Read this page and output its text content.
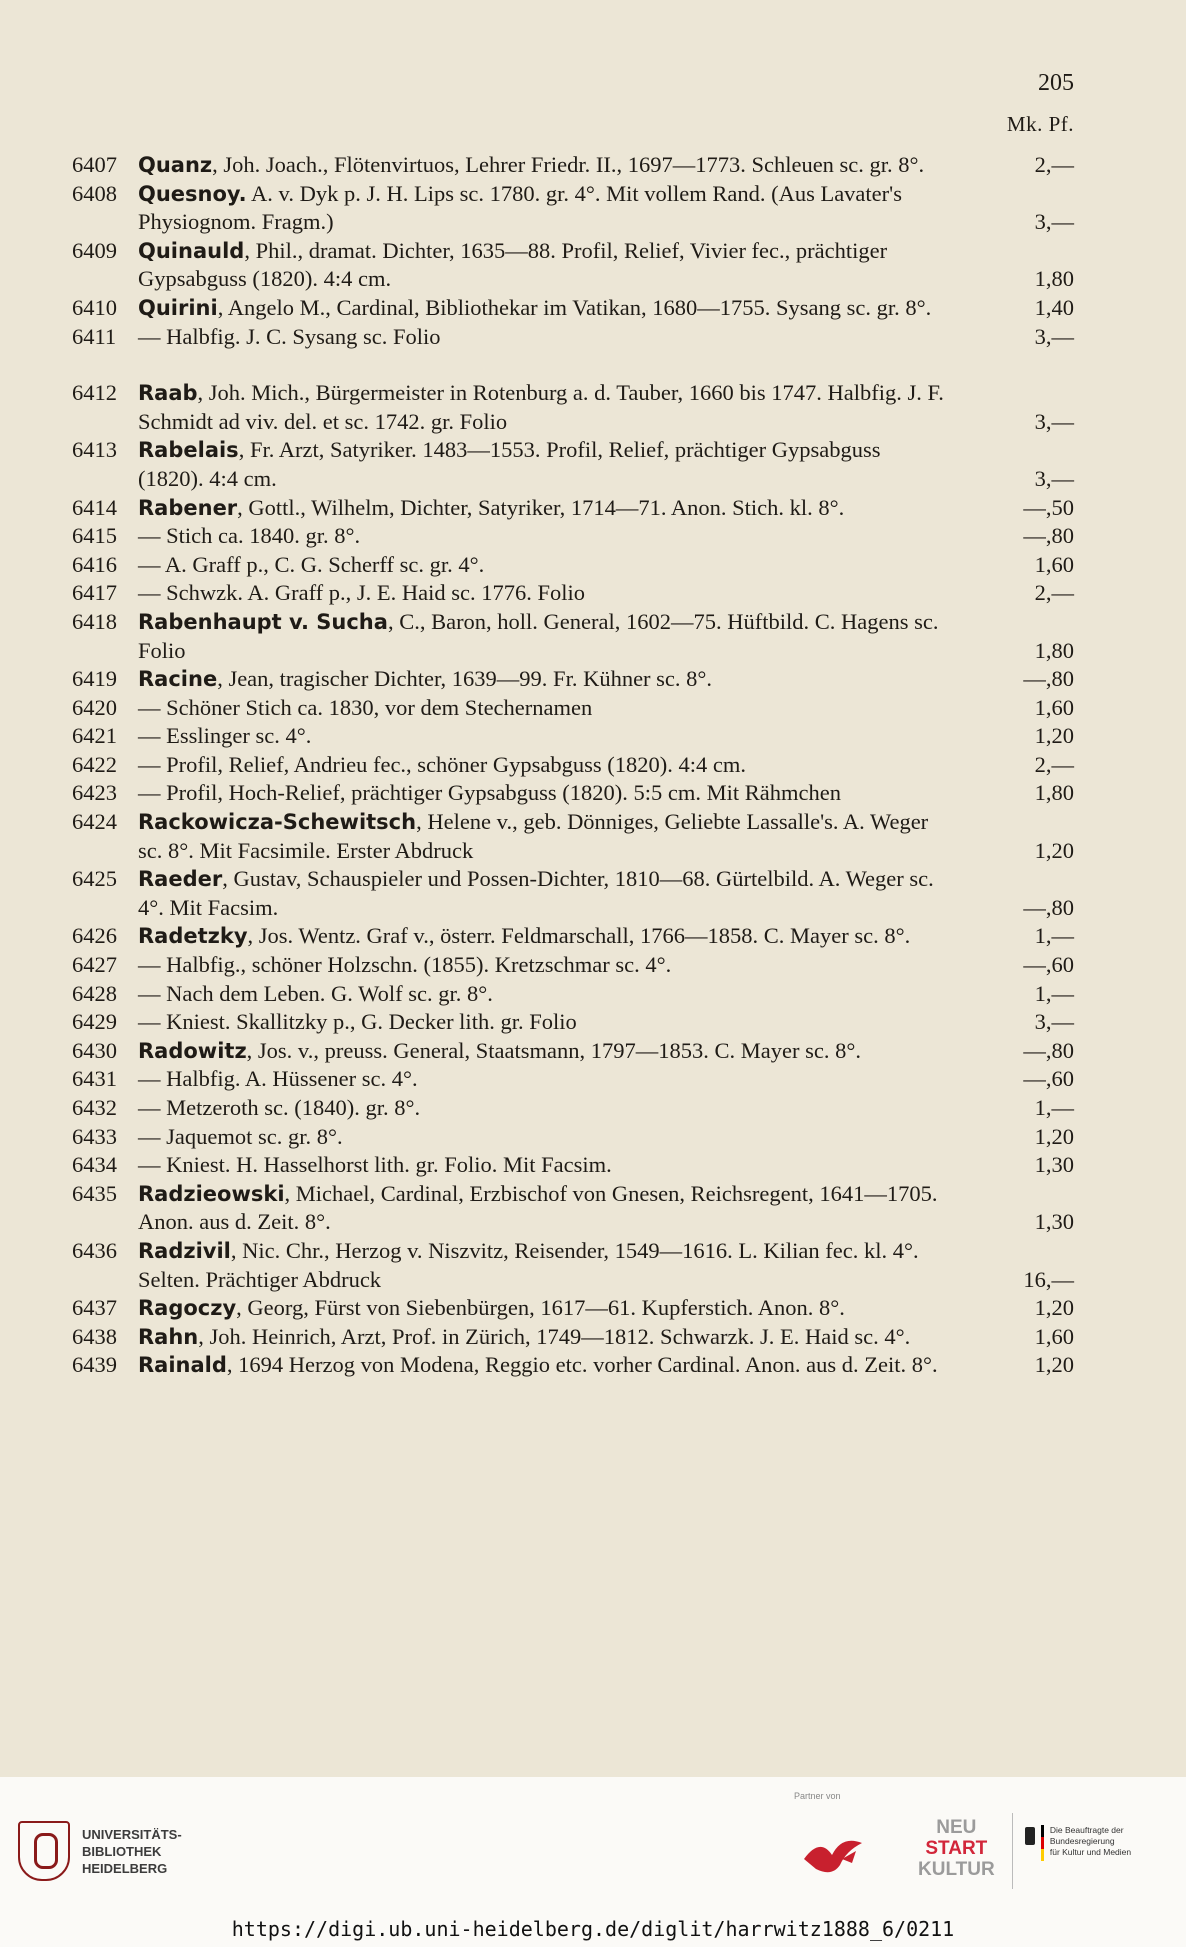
205
Mk. Pf.
6407	Quanz, Joh. Joach., Flötenvirtuos, Lehrer Friedr. II., 1697—1773. Schleuen sc. gr. 8°.	2,—
6408	Quesnoy. A. v. Dyk p. J. H. Lips sc. 1780. gr. 4°. Mit vollem Rand. (Aus Lavater's Physiognom. Fragm.)	3,—
6409	Quinauld, Phil., dramat. Dichter, 1635—88. Profil, Relief, Vivier fec., prächtiger Gypsabguss (1820). 4:4 cm.	1,80
6410	Quirini, Angelo M., Cardinal, Bibliothekar im Vatikan, 1680—1755. Sysang sc. gr. 8°.	1,40
6411 — Halbfig. J. C. Sysang sc. Folio	3,—
6412	Raab, Joh. Mich., Bürgermeister in Rotenburg a. d. Tauber, 1660 bis 1747. Halbfig. J. F. Schmidt ad viv. del. et sc. 1742. gr. Folio	3,—
6413	Rabelais, Fr. Arzt, Satyriker. 1483—1553. Profil, Relief, prächtiger Gypsabguss (1820). 4:4 cm.	3,—
6414	Rabener, Gottl., Wilhelm, Dichter, Satyriker, 1714—71. Anon. Stich. kl. 8°.	—,50
6415 — Stich ca. 1840. gr. 8°.	—,80
6416 — A. Graff p., C. G. Scherff sc. gr. 4°.	1,60
6417 — Schwzk. A. Graff p., J. E. Haid sc. 1776. Folio	2,—
6418	Rabenhaupt v. Sucha, C., Baron, holl. General, 1602—75. Hüftbild. C. Hagens sc. Folio	1,80
6419	Racine, Jean, tragischer Dichter, 1639—99. Fr. Kühner sc. 8°.	—,80
6420 — Schöner Stich ca. 1830, vor dem Stechernamen	1,60
6421 — Esslinger sc. 4°.	1,20
6422 — Profil, Relief, Andrieu fec., schöner Gypsabguss (1820). 4:4 cm.	2,—
6423 — Profil, Hoch-Relief, prächtiger Gypsabguss (1820). 5:5 cm. Mit Rähmchen	1,80
6424	Rackowicza-Schewitsch, Helene v., geb. Dönniges, Geliebte Lassalle's. A. Weger sc. 8°. Mit Facsimile. Erster Abdruck	1,20
6425	Raeder, Gustav, Schauspieler und Possen-Dichter, 1810—68. Gürtelbild. A. Weger sc. 4°. Mit Facsim.	—,80
6426	Radetzky, Jos. Wentz. Graf v., österr. Feldmarschall, 1766—1858. C. Mayer sc. 8°.	1,—
6427 — Halbfig., schöner Holzschn. (1855). Kretzschmar sc. 4°.	—,60
6428 — Nach dem Leben. G. Wolf sc. gr. 8°.	1,—
6429 — Kniest. Skallitzky p., G. Decker lith. gr. Folio	3,—
6430	Radowitz, Jos. v., preuss. General, Staatsmann, 1797—1853. C. Mayer sc. 8°.	—,80
6431 — Halbfig. A. Hüssener sc. 4°.	—,60
6432 — Metzeroth sc. (1840). gr. 8°.	1,—
6433 — Jaquemot sc. gr. 8°.	1,20
6434 — Kniest. H. Hasselhorst lith. gr. Folio. Mit Facsim.	1,30
6435	Radzieowski, Michael, Cardinal, Erzbischof von Gnesen, Reichsregent, 1641—1705. Anon. aus d. Zeit. 8°.	1,30
6436	Radzivil, Nic. Chr., Herzog v. Niszvitz, Reisender, 1549—1616. L. Kilian fec. kl. 4°. Selten. Prächtiger Abdruck	16,—
6437	Ragoczy, Georg, Fürst von Siebenbürgen, 1617—61. Kupferstich. Anon. 8°.	1,20
6438	Rahn, Joh. Heinrich, Arzt, Prof. in Zürich, 1749—1812. Schwarzk. J. E. Haid sc. 4°.	1,60
6439	Rainald, 1694 Herzog von Modena, Reggio etc. vorher Cardinal. Anon. aus d. Zeit. 8°.	1,20
UNIVERSITÄTS-
BIBLIOTHEK
HEIDELBERG
Partner von
NEU
START
KULTUR
Die Beauftragte der Bundesregierung
für Kultur und Medien
https://digi.ub.uni-heidelberg.de/diglit/harrwitz1888_6/0211
